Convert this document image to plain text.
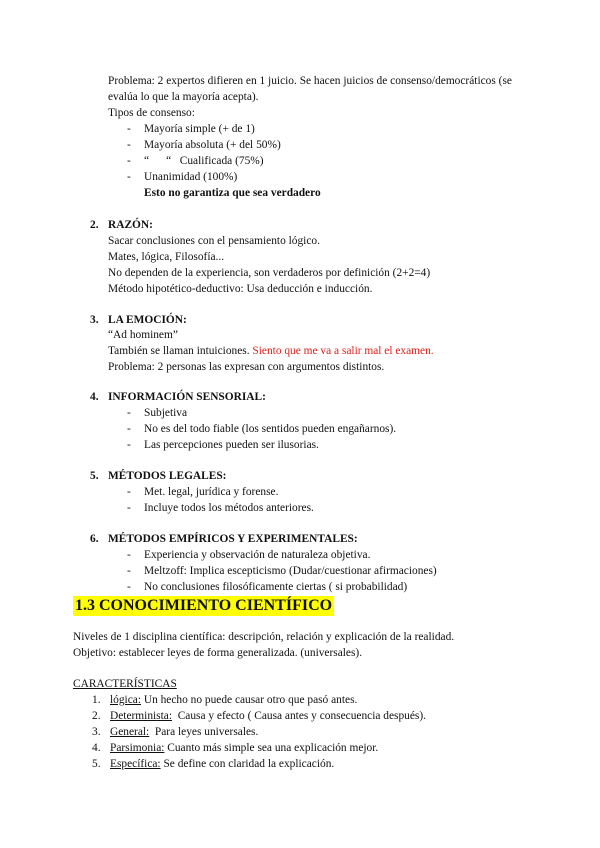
Problema: 2 expertos difieren en 1 juicio. Se hacen juicios de consenso/democráticos (se
evalúa lo que la mayoría acepta).
Tipos de consenso:
- Mayoría simple (+ de 1)
- Mayoría absoluta (+ del 50%)
- “      “   Cualificada (75%)
- Unanimidad (100%)
Esto no garantiza que sea verdadero
2. RAZÓN:
Sacar conclusiones con el pensamiento lógico.
Mates, lógica, Filosofía...
No dependen de la experiencia, son verdaderos por definición (2+2=4)
Método hipotético-deductivo: Usa deducción e inducción.
3. LA EMOCIÓN:
“Ad hominem”
También se llaman intuiciones. Siento que me va a salir mal el examen.
Problema: 2 personas las expresan con argumentos distintos.
4. INFORMACIÓN SENSORIAL:
- Subjetiva
- No es del todo fiable (los sentidos pueden engañarnos).
- Las percepciones pueden ser ilusorias.
5. MÉTODOS LEGALES:
- Met. legal, jurídica y forense.
- Incluye todos los métodos anteriores.
6. MÉTODOS EMPÍRICOS Y EXPERIMENTALES:
- Experiencia y observación de naturaleza objetiva.
- Meltzoff: Implica escepticismo (Dudar/cuestionar afirmaciones)
- No conclusiones filosóficamente ciertas ( si probabilidad)
1.3 CONOCIMIENTO CIENTÍFICO
Niveles de 1 disciplina científica: descripción, relación y explicación de la realidad.
Objetivo: establecer leyes de forma generalizada. (universales).
CARACTERÍSTICAS
1. lógica: Un hecho no puede causar otro que pasó antes.
2. Determinista:  Causa y efecto ( Causa antes y consecuencia después).
3. General:  Para leyes universales.
4. Parsimonia: Cuanto más simple sea una explicación mejor.
5. Específica: Se define con claridad la explicación.
